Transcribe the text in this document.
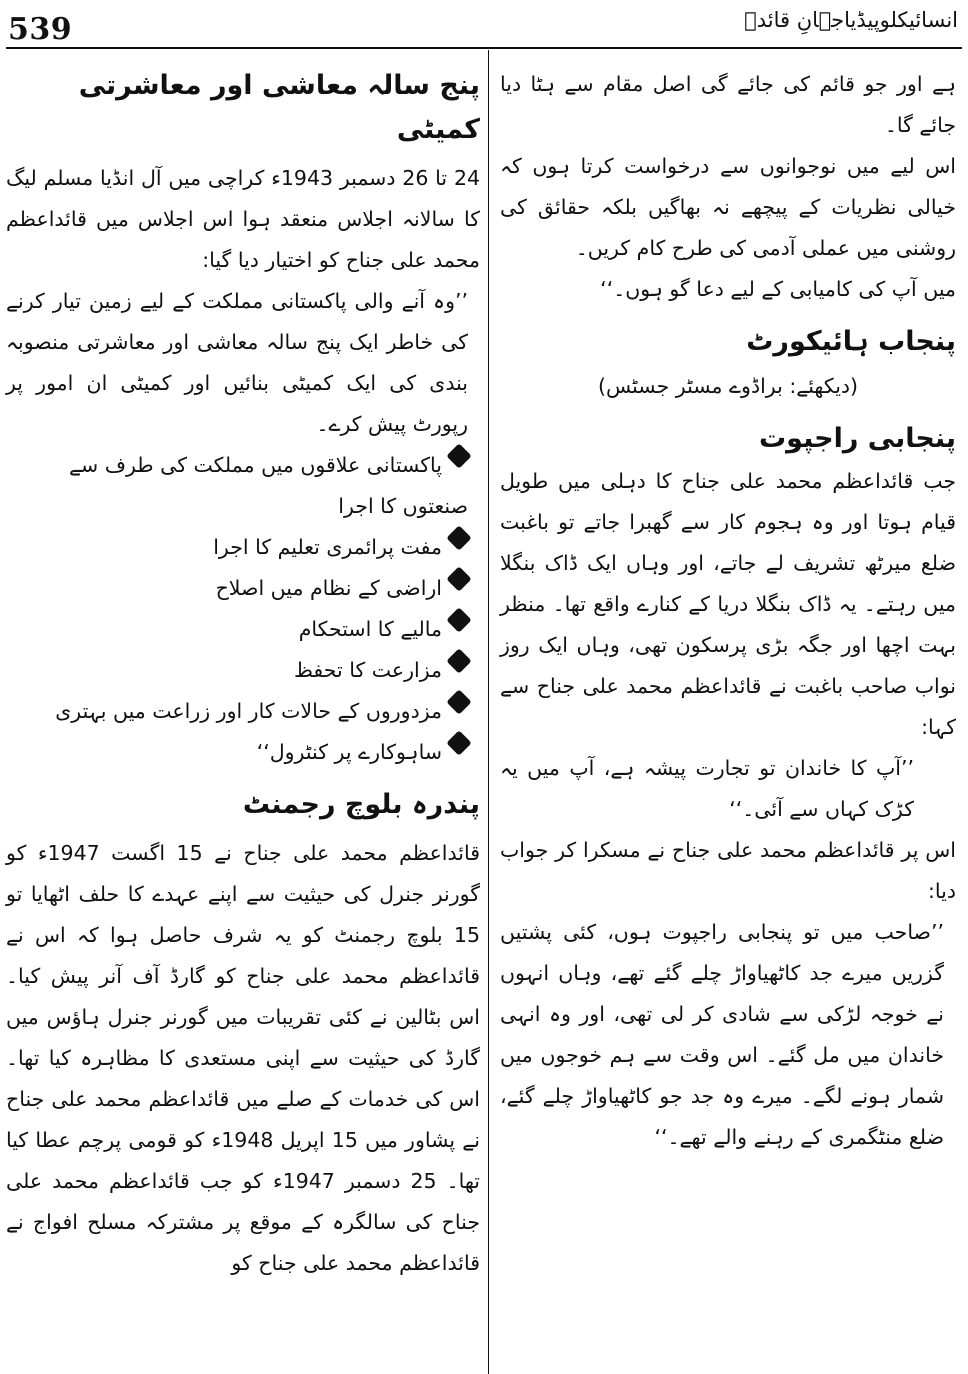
539	انسائیکلوپیڈیاجہانِ قائدؒ

ہے اور جو قائم کی جائے گی اصل مقام سے ہٹا دیا جائے گا۔

اس لیے میں نوجوانوں سے درخواست کرتا ہوں کہ خیالی نظریات کے پیچھے نہ بھاگیں بلکہ حقائق کی روشنی میں عملی آدمی کی طرح کام کریں۔

میں آپ کی کامیابی کے لیے دعا گو ہوں۔‘‘

پنجاب ہائیکورٹ

(دیکھئے: براڈوے مسٹر جسٹس)

پنجابی راجپوت

جب قائداعظم محمد علی جناح کا دہلی میں طویل قیام ہوتا اور وہ ہجوم کار سے گھبرا جاتے تو باغبت ضلع میرٹھ تشریف لے جاتے، اور وہاں ایک ڈاک بنگلا میں رہتے۔ یہ ڈاک بنگلا دریا کے کنارے واقع تھا۔ منظر بہت اچھا اور جگہ بڑی پرسکون تھی، وہاں ایک روز نواب صاحب باغبت نے قائداعظم محمد علی جناح سے کہا:

’’آپ کا خاندان تو تجارت پیشہ ہے، آپ میں یہ کڑک کہاں سے آئی۔‘‘

اس پر قائداعظم محمد علی جناح نے مسکرا کر جواب دیا:

’’صاحب میں تو پنجابی راجپوت ہوں، کئی پشتیں گزریں میرے جد کاٹھیاواڑ چلے گئے تھے، وہاں انہوں نے خوجہ لڑکی سے شادی کر لی تھی، اور وہ انہی خاندان میں مل گئے۔ اس وقت سے ہم خوجوں میں شمار ہونے لگے۔ میرے وہ جد جو کاٹھیاواڑ چلے گئے، ضلع منٹگمری کے رہنے والے تھے۔‘‘

پنج سالہ معاشی اور معاشرتی کمیٹی

24 تا 26 دسمبر 1943ء کراچی میں آل انڈیا مسلم لیگ کا سالانہ اجلاس منعقد ہوا اس اجلاس میں قائداعظم محمد علی جناح کو اختیار دیا گیا:

’’وہ آنے والی پاکستانی مملکت کے لیے زمین تیار کرنے کی خاطر ایک پنج سالہ معاشی اور معاشرتی منصوبہ بندی کی ایک کمیٹی بنائیں اور کمیٹی ان امور پر رپورٹ پیش کرے۔

1پاکستانی علاقوں میں مملکت کی طرف سے صنعتوں کا اجرا

2مفت پرائمری تعلیم کا اجرا

3اراضی کے نظام میں اصلاح

4مالیے کا استحکام

5مزارعت کا تحفظ

6مزدوروں کے حالات کار اور زراعت میں بہتری

7ساہوکارے پر کنٹرول‘‘

پندرہ بلوچ رجمنٹ

قائداعظم محمد علی جناح نے 15 اگست 1947ء کو گورنر جنرل کی حیثیت سے اپنے عہدے کا حلف اٹھایا تو 15 بلوچ رجمنٹ کو یہ شرف حاصل ہوا کہ اس نے قائداعظم محمد علی جناح کو گارڈ آف آنر پیش کیا۔ اس بٹالین نے کئی تقریبات میں گورنر جنرل ہاؤس میں گارڈ کی حیثیت سے اپنی مستعدی کا مظاہرہ کیا تھا۔ اس کی خدمات کے صلے میں قائداعظم محمد علی جناح نے پشاور میں 15 اپریل 1948ء کو قومی پرچم عطا کیا تھا۔ 25 دسمبر 1947ء کو جب قائداعظم محمد علی جناح کی سالگرہ کے موقع پر مشترکہ مسلح افواج نے قائداعظم محمد علی جناح کو
